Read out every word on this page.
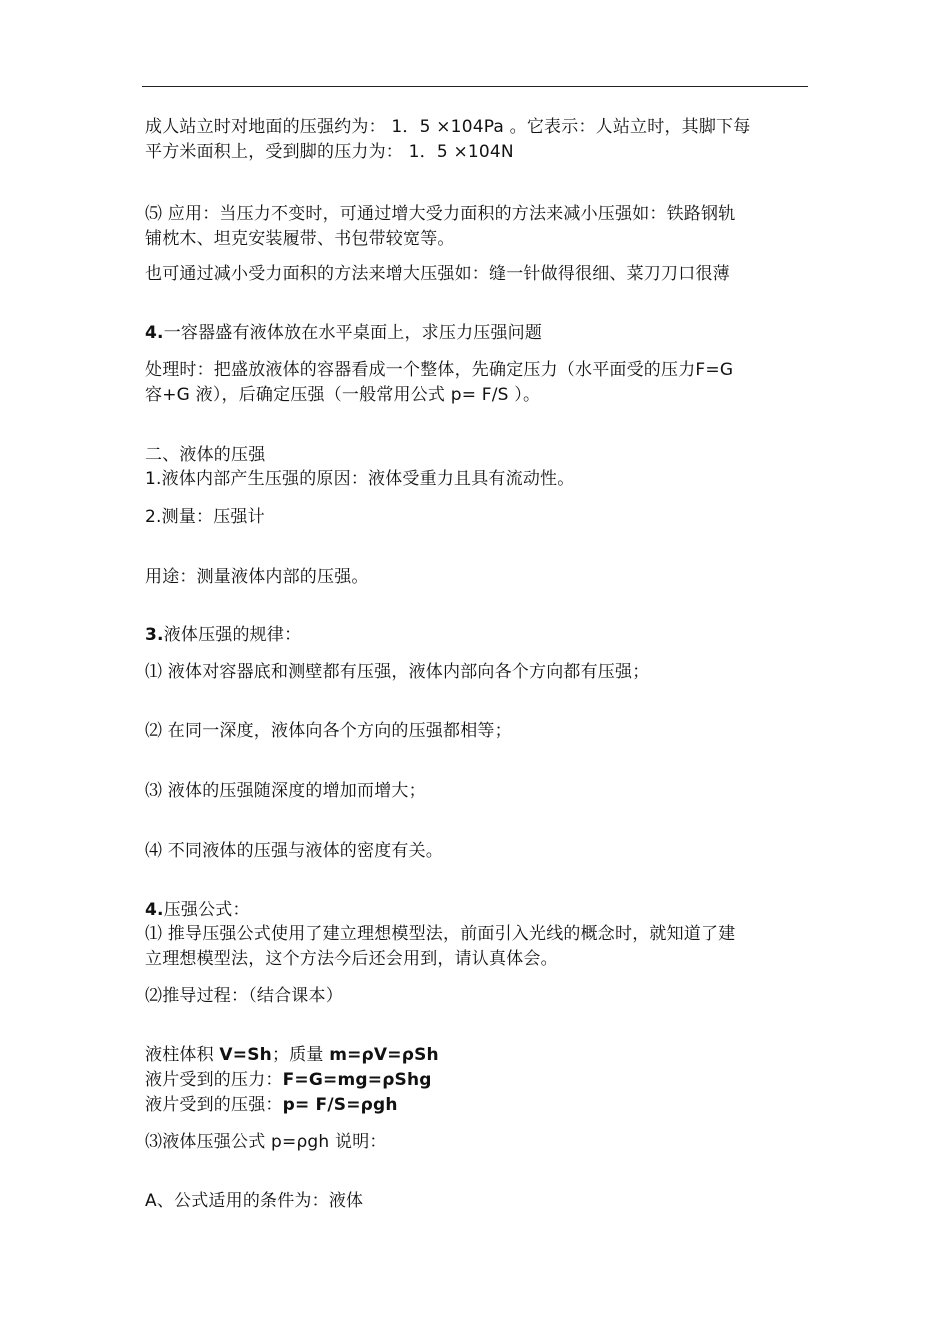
成人站立时对地面的压强约为： 1．5 ×104Pa 。它表示：人站立时，其脚下每
平方米面积上，受到脚的压力为： 1．5 ×104N
⑸ 应用：当压力不变时，可通过增大受力面积的方法来减小压强如：铁路钢轨
铺枕木、坦克安装履带、书包带较宽等。
也可通过减小受力面积的方法来增大压强如：缝一针做得很细、菜刀刀口很薄
4.一容器盛有液体放在水平桌面上，求压力压强问题
处理时：把盛放液体的容器看成一个整体，先确定压力（水平面受的压力F=G
容+G 液），后确定压强（一般常用公式 p= F/S ）。
二、液体的压强
1.液体内部产生压强的原因：液体受重力且具有流动性。
2.测量：压强计
用途：测量液体内部的压强。
3.液体压强的规律：
⑴ 液体对容器底和测壁都有压强，液体内部向各个方向都有压强；
⑵ 在同一深度，液体向各个方向的压强都相等；
⑶ 液体的压强随深度的增加而增大；
⑷ 不同液体的压强与液体的密度有关。
4.压强公式：
⑴ 推导压强公式使用了建立理想模型法，前面引入光线的概念时，就知道了建
立理想模型法，这个方法今后还会用到，请认真体会。
⑵推导过程：（结合课本）
液柱体积 V=Sh；质量 m=ρV=ρSh
液片受到的压力：F=G=mg=ρShg
液片受到的压强：p= F/S=ρgh
⑶液体压强公式 p=ρgh 说明：
A、公式适用的条件为：液体
